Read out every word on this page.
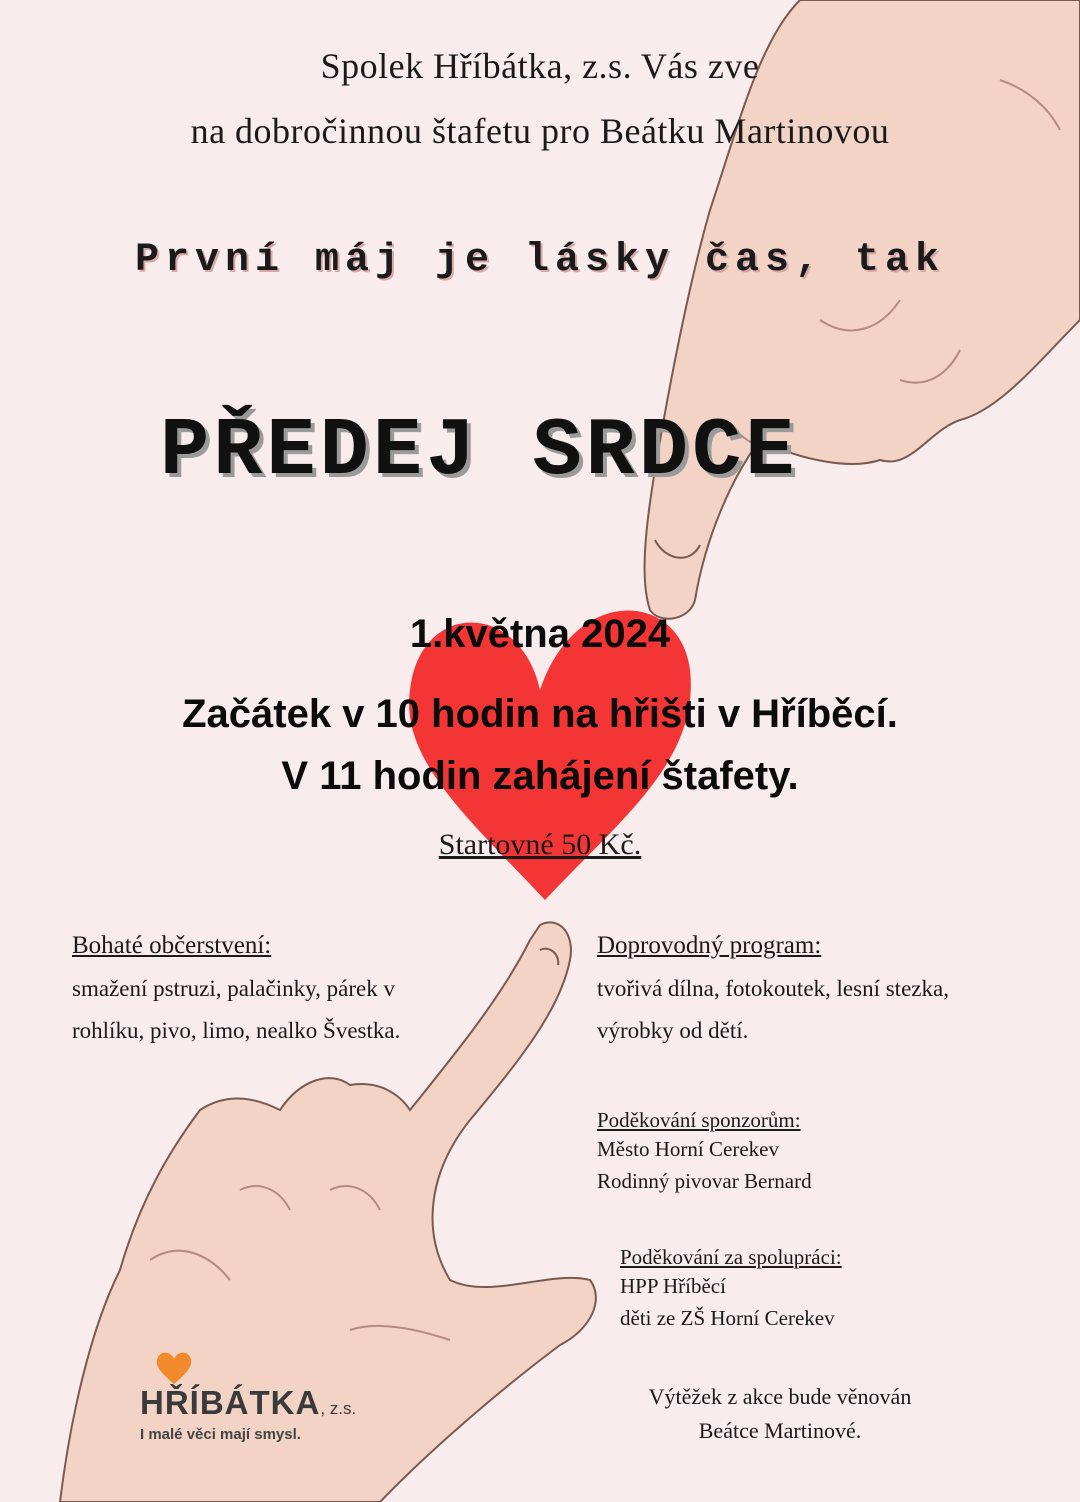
Spolek Hříbátka, z.s. Vás zve
na dobročinnou štafetu pro Beátku Martinovou
První máj je lásky čas, tak
PŘEDEJ SRDCE
1.května 2024
Začátek v 10 hodin na hřišti v Hříběcí.
V 11 hodin zahájení štafety.
Startovné 50 Kč.
Bohaté občerstvení:
smažení pstruzi, palačinky, párek v
rohlíku, pivo, limo, nealko Švestka.
Doprovodný program:
tvořivá dílna, fotokoutek, lesní stezka,
výrobky od dětí.
Poděkování sponzorům:
Město Horní Cerekev
Rodinný pivovar Bernard
Poděkování za spolupráci:
HPP Hříběcí
děti ze ZŠ Horní Cerekev
Výtěžek z akce bude věnován
Beátce Martinové.
HŘÍBÁTKA, z.s.
I malé věci mají smysl.
